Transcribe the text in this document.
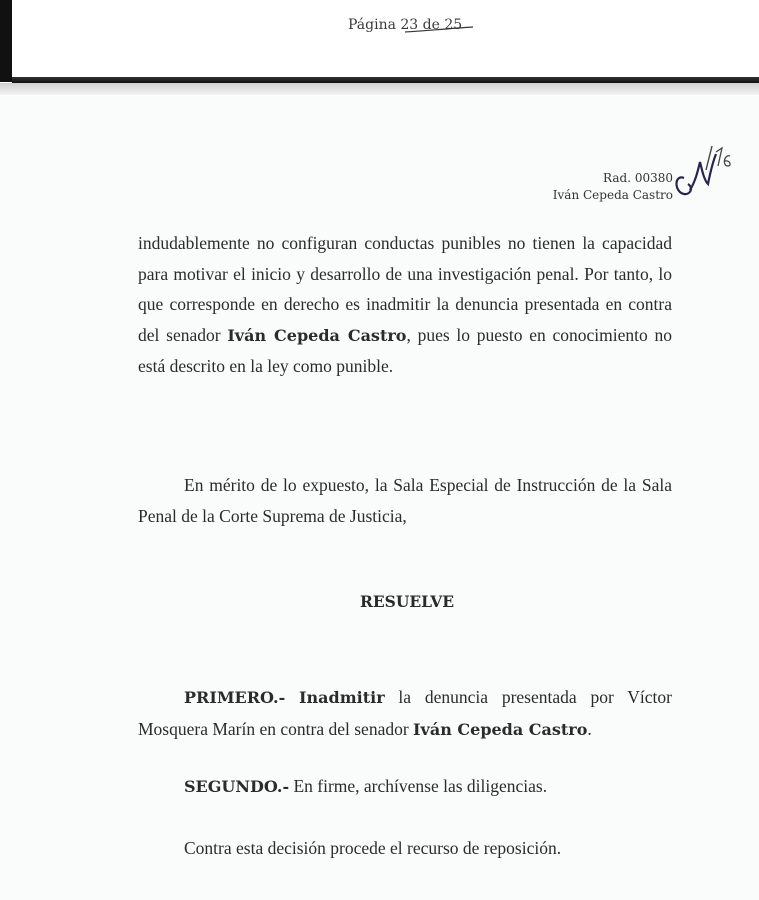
Página 23 de 25
Rad. 00380
Iván Cepeda Castro

indudablemente no configuran conductas punibles no tienen la capacidad para motivar el inicio y desarrollo de una investigación penal. Por tanto, lo que corresponde en derecho es inadmitir la denuncia presentada en contra del senador Iván Cepeda Castro, pues lo puesto en conocimiento no está descrito en la ley como punible.

En mérito de lo expuesto, la Sala Especial de Instrucción de la Sala Penal de la Corte Suprema de Justicia,

RESUELVE

PRIMERO.- Inadmitir la denuncia presentada por Víctor Mosquera Marín en contra del senador Iván Cepeda Castro.

SEGUNDO.- En firme, archívense las diligencias.

Contra esta decisión procede el recurso de reposición.
